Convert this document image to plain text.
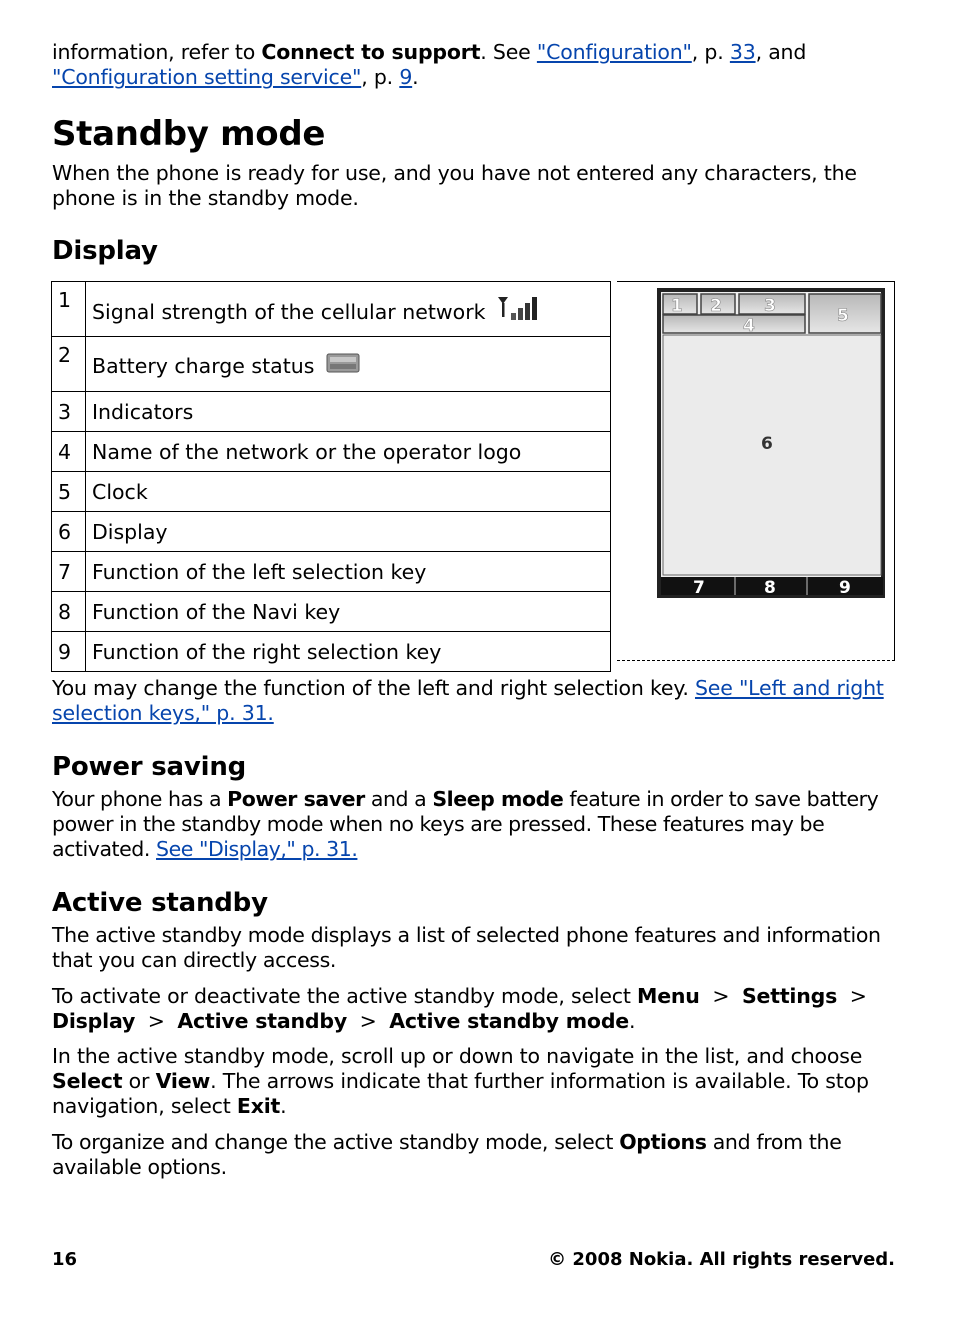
information, refer to Connect to support. See "Configuration", p. 33, and
"Configuration setting service", p. 9.

Standby mode

When the phone is ready for use, and you have not entered any characters, the phone is in the standby mode.

Display
1	Signal strength of the cellular network
2	Battery charge status
3	Indicators
4	Name of the network or the operator logo
5	Clock
6	Display
7	Function of the left selection key
8	Function of the Navi key
9	Function of the right selection key
1 2 3
4	5
6
7	8	9

You may change the function of the left and right selection key. See "Left and right selection keys," p. 31.

Power saving

Your phone has a Power saver and a Sleep mode feature in order to save battery power in the standby mode when no keys are pressed. These features may be activated. See "Display," p. 31.

Active standby

The active standby mode displays a list of selected phone features and information that you can directly access.

To activate or deactivate the active standby mode, select Menu > Settings >
Display > Active standby > Active standby mode.

In the active standby mode, scroll up or down to navigate in the list, and choose Select or View. The arrows indicate that further information is available. To stop navigation, select Exit.

To organize and change the active standby mode, select Options and from the available options.

16	© 2008 Nokia. All rights reserved.
